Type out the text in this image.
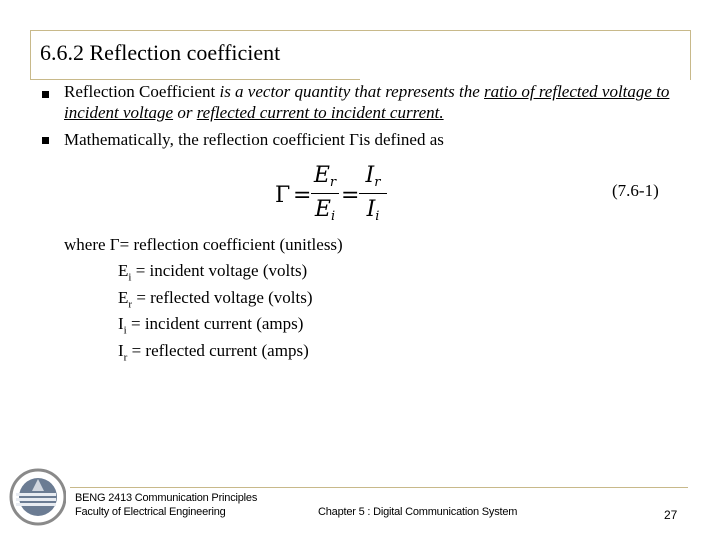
6.6.2 Reflection coefficient
Reflection Coefficient is a vector quantity that represents the ratio of reflected voltage to incident voltage or reflected current to incident current.
Mathematically, the reflection coefficient Γis defined as
Γ =
$E_r$
$E_i$
=
$I_r$
$I_i$
(7.6-1)
where Γ= reflection coefficient (unitless)
$E_i$ = incident voltage (volts)
$E_r$ = reflected voltage (volts)
$I_i$ = incident current (amps)
$I_r$ = reflected current (amps)
BENG 2413 Communication Principles
Faculty of Electrical Engineering	Chapter 5 : Digital Communication System	27
